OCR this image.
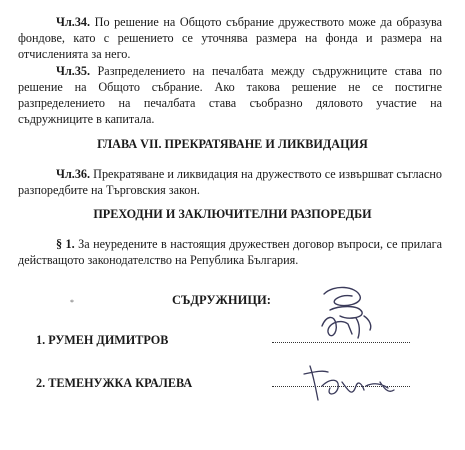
Чл.34. По решение на Общото събрание дружеството може да образува фондове, като с решението се уточнява размера на фонда и размера на отчисленията за него.

Чл.35. Разпределението на печалбата между съдружниците става по решение на Общото събрание. Ако такова решение не се постигне разпределението на печалбата става съобразно дяловото участие на съдружниците в капитала.

ГЛАВА VII. ПРЕКРАТЯВАНЕ И ЛИКВИДАЦИЯ

Чл.36. Прекратяване и ликвидация на дружеството се извършват съгласно разпоредбите на Търговския закон.

ПРЕХОДНИ И ЗАКЛЮЧИТЕЛНИ РАЗПОРЕДБИ

§ 1. За неуредените в настоящия дружествен договор въпроси, се прилага действащото законодателство на Република България.

*	СЪДРУЖНИЦИ:
1. РУМЕН ДИМИТРОВ
2. ТЕМЕНУЖКА КРАЛЕВА
